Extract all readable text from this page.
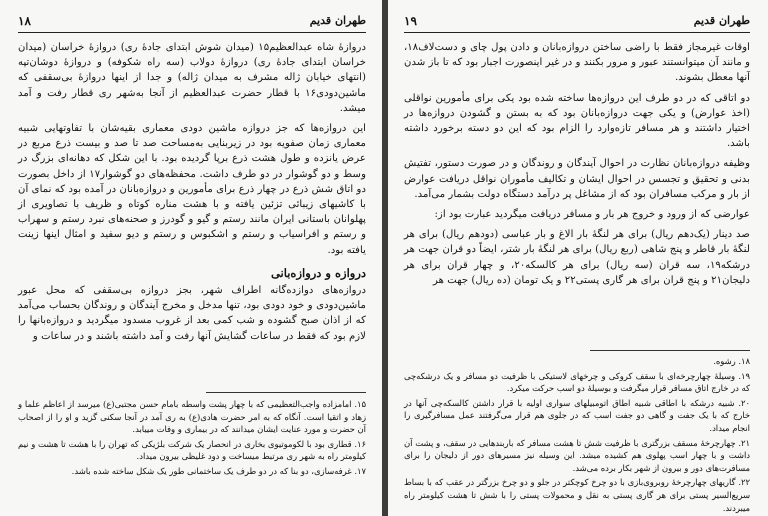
۱۸	طهران قدیم

دروازهٔ شاه عبدالعظیم۱۵ (میدان شوش ابتدای جادهٔ ری) دروازهٔ خراسان (میدان خراسان ابتدای جادهٔ ری) دروازهٔ دولاب (سه راه شکوفه) و دروازهٔ دوشان‌تپه (انتهای خیابان ژاله مشرف به میدان ژاله) و جدا از اینها دروازهٔ بی‌سقفی که ماشین‌دودی۱۶ با قطار حضرت عبدالعظیم از آنجا به‌شهر ری قطار رفت و آمد میشد.

این دروازه‌ها که جز دروازه ماشین دودی معماری بقیه‌شان با تفاوتهایی شبیه معماری زمان صفویه بود در زیربنایی به‌مساحت صد تا صد و بیست ذرع مربع در عرض یانزده و طول هشت ذرع برپا گردیده بود. با این شکل که دهانه‌ای بزرگ در وسط و دو گوشوار در دو طرف داشت. محفظه‌های دو گوشوار۱۷ از داخل بصورت دو اتاق شش ذرع در چهار ذرع برای مأمورین و دروازه‌بانان در آمده بود که نمای آن با کاشیهای زیبائی تزئین یافته و با هشت مناره کوتاه و ظریف با تصاویری از پهلوانان باستانی ایران مانند رستم و گیو و گودرز و صحنه‌های نبرد رستم و سهراب و رستم و افراسیاب و رستم و اشکبوس و رستم و دیو سفید و امثال اینها زینت یافته بود.

دروازه و دروازه‌بانی

دروازه‌های دوازده‌گانه اطراف شهر، بجز دروازه بی‌سقفی که محل عبور ماشین‌دودی و خود دودی بود، تنها مدخل و مخرج آیندگان و روندگان بحساب می‌آمد که از اذان صبح گشوده و شب کمی بعد از غروب مسدود میگردید و دروازه‌بانها را لازم بود که فقط در ساعات گشایش آنها رفت و آمد داشته باشند و در ساعات و

۱۵. امامزاده واجب‌التعظیمی که با چهار پشت واسطه بامام حسن مجتبی(ع) میرسد از اعاظم علما و زهاد و اتقیا است. آنگاه که به امر حضرت هادی(ع) به ری آمد در آنجا سکنی گزید و او را از اصحاب آن حضرت و مورد عنایت ایشان میدانند که در بیماری و وفات مییابد.

۱۶. قطاری بود با لکوموتیوی بخاری در انحصار یک شرکت بلژیکی که تهران را با هشت تا هشت و نیم کیلومتر راه به شهر ری مرتبط میساخت و دود غلیظی بیرون میداد.

۱۷. غرفه‌سازی، دو بنا که در دو طرف یک ساختمانی طور یک شکل ساخته شده باشد.

۱۹	طهران قدیم

اوقات غیرمجاز فقط با راضی ساختن دروازه‌بانان و دادن پول چای و دست‌لاف۱۸، و مانند آن میتوانستند عبور و مرور بکنند و در غیر اینصورت اجبار بود که تا باز شدن آنها معطل بشوند.

دو اتاقی که در دو طرف این دروازه‌ها ساخته شده بود یکی برای مأمورین نواقلی (اخذ عوارض) و یکی جهت دروازه‌بانان بود که به بستن و گشودن دروازه‌ها در اختیار داشتند و هر مسافر تازه‌وارد را الزام بود که این دو دسته برخورد داشته باشد.

وظیفه دروازه‌بانان نظارت در احوال آیندگان و روندگان و در صورت دستور، تفتیش بدنی و تحقیق و تجسس در احوال ایشان و تکالیف مأموران نواقل دریافت عوارض از بار و مرکب مسافران بود که از مشاغل پر درآمد دستگاه دولت بشمار می‌آمد.

عوارضی که از ورود و خروج هر بار و مسافر دریافت میگردید عبارت بود از:

صد دینار (یک‌دهم ریال) برای هر لنگهٔ بار الاغ و بار عباسی (دودهم ریال) برای هر لنگهٔ بار قاطر و پنج شاهی (ربع ریال) برای هر لنگهٔ بار شتر، ایضاً دو قران جهت هر درشکه۱۹، سه قران (سه ریال) برای هر کالسکه۲۰، و چهار قران برای هر دلیجان۲۱ و پنج قران برای هر گاری پستی۲۲ و یک تومان (ده ریال) جهت هر

۱۸. رشوه.

۱۹. وسیلهٔ چهارچرخه‌ای با سقف کروکی و چرخهای لاستیکی با ظرفیت دو مسافر و یک درشکه‌چی که در خارج اتاق مسافر قرار میگرفت و بوسیلهٔ دو اسب حرکت میکرد.

۲۰. شبیه درشکه با اطاقی شبیه اطاق اتومبیلهای سواری اولیه با قرار داشتن کالسکه‌چی آنها در خارج که با یک جفت و گاهی دو جفت اسب که در جلوی هم قرار می‌گرفتند عمل مسافرگیری را انجام میداد.

۲۱. چهارچرخهٔ مسقف بزرگتری با ظرفیت شش تا هشت مسافر که باربندهایی در سقف، و پشت آن داشت و با چهار اسب پهلوی هم کشیده میشد. این وسیله نیز مسیرهای دور از دلیجان را برای مسافرت‌های دور و بیرون از شهر بکار برده می‌شد.

۲۲. گاریهای چهارچرخهٔ روبروی‌بازی با دو چرخ کوچکتر در جلو و دو چرخ بزرگتر در عقب که با بساط سریع‌السیر پستی برای هر گاری پستی به نقل و محمولات پستی را با شش تا هشت کیلومتر راه میبردند.
